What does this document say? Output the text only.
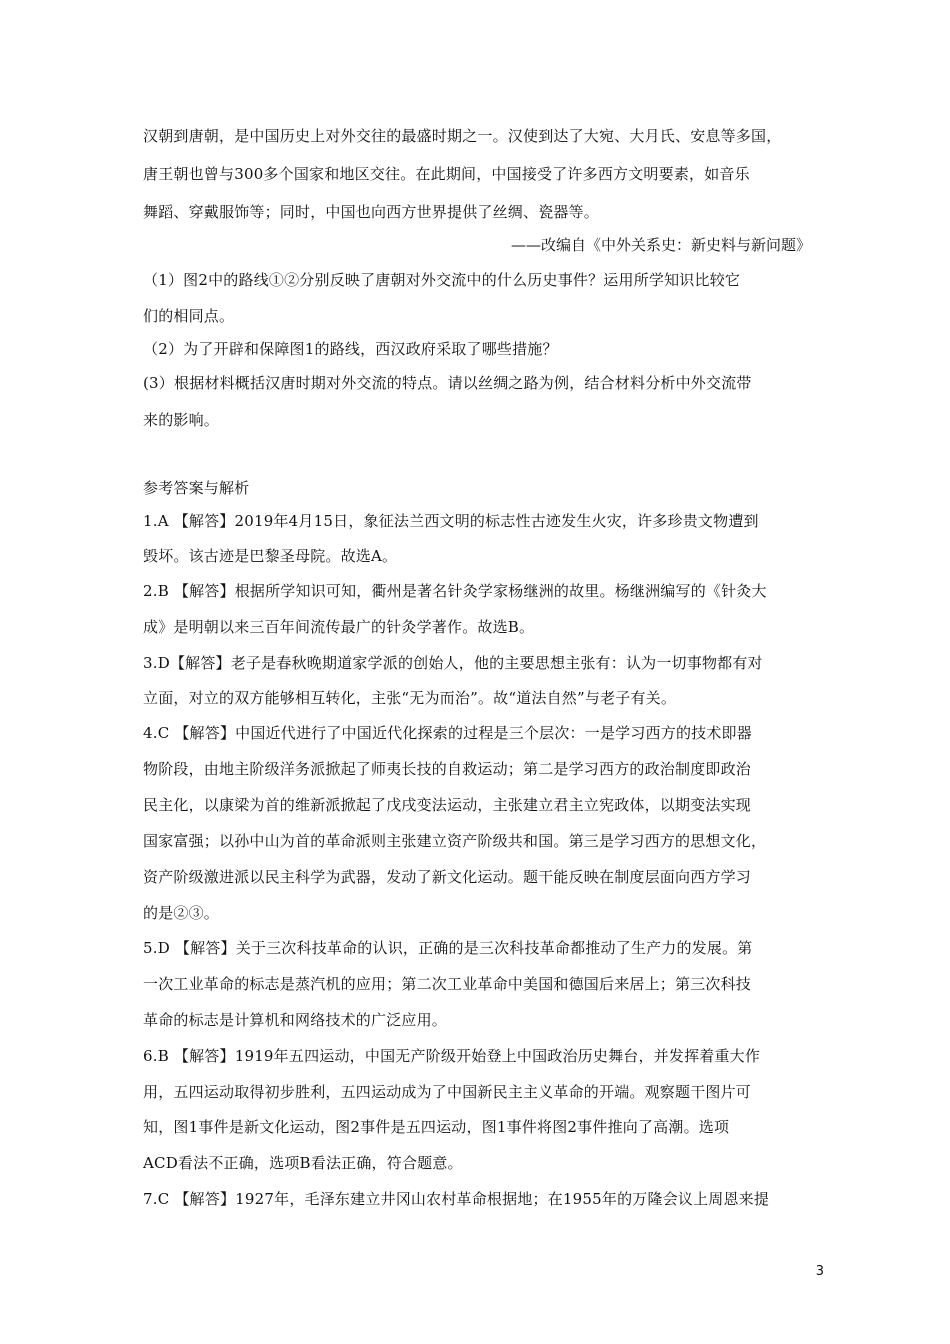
汉朝到唐朝，是中国历史上对外交往的最盛时期之一。汉使到达了大宛、大月氏、安息等多国，
唐王朝也曾与300多个国家和地区交往。在此期间，中国接受了许多西方文明要素，如音乐
舞蹈、穿戴服饰等；同时，中国也向西方世界提供了丝绸、瓷器等。
——改编自《中外关系史：新史料与新问题》
（1）图2中的路线①②分别反映了唐朝对外交流中的什么历史事件？运用所学知识比较它
们的相同点。
（2）为了开辟和保障图1的路线，西汉政府采取了哪些措施？
(3）根据材料概括汉唐时期对外交流的特点。请以丝绸之路为例，结合材料分析中外交流带
来的影响。
参考答案与解析
1.A 【解答】2019年4月15日，象征法兰西文明的标志性古迹发生火灾，许多珍贵文物遭到
毁坏。该古迹是巴黎圣母院。故选A。
2.B 【解答】根据所学知识可知，衢州是著名针灸学家杨继洲的故里。杨继洲编写的《针灸大
成》是明朝以来三百年间流传最广的针灸学著作。故选B。
3.D【解答】老子是春秋晚期道家学派的创始人，他的主要思想主张有：认为一切事物都有对
立面，对立的双方能够相互转化，主张“无为而治”。故“道法自然”与老子有关。
4.C 【解答】中国近代进行了中国近代化探索的过程是三个层次：一是学习西方的技术即器
物阶段，由地主阶级洋务派掀起了师夷长技的自救运动；第二是学习西方的政治制度即政治
民主化，以康梁为首的维新派掀起了戊戌变法运动，主张建立君主立宪政体，以期变法实现
国家富强；以孙中山为首的革命派则主张建立资产阶级共和国。第三是学习西方的思想文化，
资产阶级激进派以民主科学为武器，发动了新文化运动。题干能反映在制度层面向西方学习
的是②③。
5.D 【解答】关于三次科技革命的认识，正确的是三次科技革命都推动了生产力的发展。第
一次工业革命的标志是蒸汽机的应用；第二次工业革命中美国和德国后来居上；第三次科技
革命的标志是计算机和网络技术的广泛应用。
6.B 【解答】1919年五四运动，中国无产阶级开始登上中国政治历史舞台，并发挥着重大作
用，五四运动取得初步胜利，五四运动成为了中国新民主主义革命的开端。观察题干图片可
知，图1事件是新文化运动，图2事件是五四运动，图1事件将图2事件推向了高潮。选项
ACD看法不正确，选项B看法正确，符合题意。
7.C 【解答】1927年，毛泽东建立井冈山农村革命根据地；在1955年的万隆会议上周恩来提
3
